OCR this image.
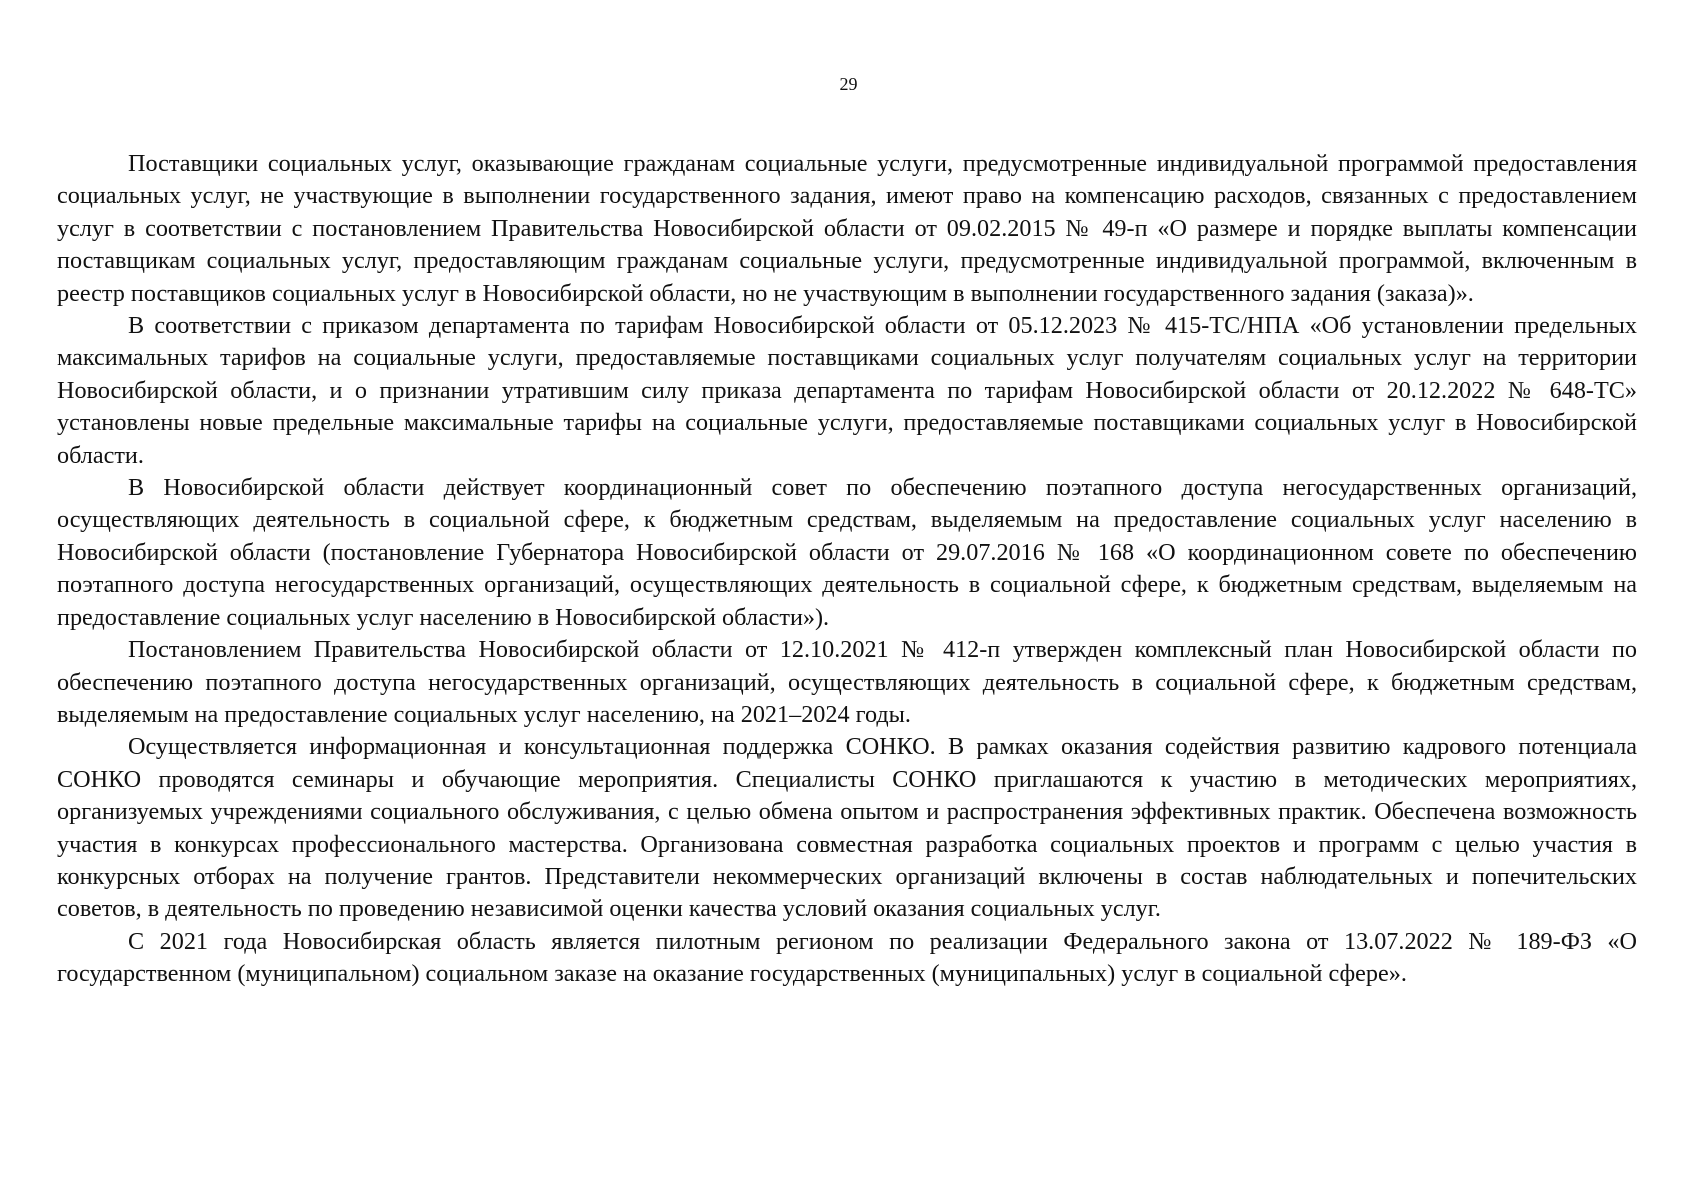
29

Поставщики социальных услуг, оказывающие гражданам социальные услуги, предусмотренные индивидуальной программой предоставления социальных услуг, не участвующие в выполнении государственного задания, имеют право на компенсацию расходов, связанных с предоставлением услуг в соответствии с постановлением Правительства Новосибирской области от 09.02.2015 № 49-п «О размере и порядке выплаты компенсации поставщикам социальных услуг, предоставляющим гражданам социальные услуги, предусмотренные индивидуальной программой, включенным в реестр поставщиков социальных услуг в Новосибирской области, но не участвующим в выполнении государственного задания (заказа)».

В соответствии с приказом департамента по тарифам Новосибирской области от 05.12.2023 № 415-ТС/НПА «Об установлении предельных максимальных тарифов на социальные услуги, предоставляемые поставщиками социальных услуг получателям социальных услуг на территории Новосибирской области, и о признании утратившим силу приказа департамента по тарифам Новосибирской области от 20.12.2022 № 648-ТС» установлены новые предельные максимальные тарифы на социальные услуги, предоставляемые поставщиками социальных услуг в Новосибирской области.

В Новосибирской области действует координационный совет по обеспечению поэтапного доступа негосударственных организаций, осуществляющих деятельность в социальной сфере, к бюджетным средствам, выделяемым на предоставление социальных услуг населению в Новосибирской области (постановление Губернатора Новосибирской области от 29.07.2016 № 168 «О координационном совете по обеспечению поэтапного доступа негосударственных организаций, осуществляющих деятельность в социальной сфере, к бюджетным средствам, выделяемым на предоставление социальных услуг населению в Новосибирской области»).

Постановлением Правительства Новосибирской области от 12.10.2021 № 412-п утвержден комплексный план Новосибирской области по обеспечению поэтапного доступа негосударственных организаций, осуществляющих деятельность в социальной сфере, к бюджетным средствам, выделяемым на предоставление социальных услуг населению, на 2021–2024 годы.

Осуществляется информационная и консультационная поддержка СОНКО. В рамках оказания содействия развитию кадрового потенциала СОНКО проводятся семинары и обучающие мероприятия. Специалисты СОНКО приглашаются к участию в методических мероприятиях, организуемых учреждениями социального обслуживания, с целью обмена опытом и распространения эффективных практик. Обеспечена возможность участия в конкурсах профессионального мастерства. Организована совместная разработка социальных проектов и программ с целью участия в конкурсных отборах на получение грантов. Представители некоммерческих организаций включены в состав наблюдательных и попечительских советов, в деятельность по проведению независимой оценки качества условий оказания социальных услуг.

С 2021 года Новосибирская область является пилотным регионом по реализации Федерального закона от 13.07.2022 № 189-ФЗ «О государственном (муниципальном) социальном заказе на оказание государственных (муниципальных) услуг в социальной сфере».
